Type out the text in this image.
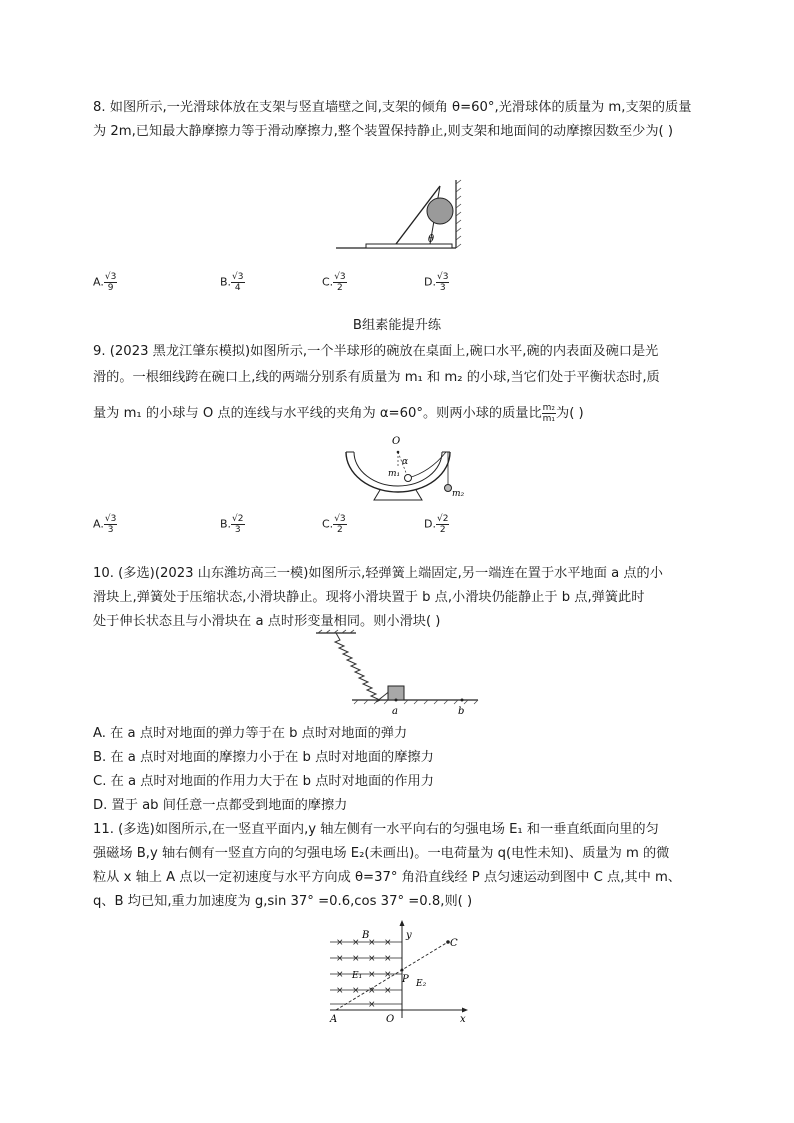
8. 如图所示,一光滑球体放在支架与竖直墙壁之间,支架的倾角 θ=60°,光滑球体的质量为 m,支架的质量为 2m,已知最大静摩擦力等于滑动摩擦力,整个装置保持静止,则支架和地面间的动摩擦因数至少为( )

θ
A. $\frac{√3}{9}$	B. $\frac{√3}{4}$	C. $\frac{√3}{2}$	D. $\frac{√3}{3}$
B组素能提升练
9. (2023 黑龙江肇东模拟)如图所示,一个半球形的碗放在桌面上,碗口水平,碗的内表面及碗口是光
滑的。一根细线跨在碗口上,线的两端分别系有质量为 m₁ 和 m₂ 的小球,当它们处于平衡状态时,质
量为 m₁ 的小球与 O 点的连线与水平线的夹角为 α=60°。则两小球的质量比 $\frac{\text{m₂}}{\text{m₁}}$ 为( )
O
α
m₁
m₂
A. $\frac{√3}{3}$	B. $\frac{√2}{3}$	C. $\frac{√3}{2}$	D. $\frac{√2}{2}$
10. (多选)(2023 山东潍坊高三一模)如图所示,轻弹簧上端固定,另一端连在置于水平地面 a 点的小
滑块上,弹簧处于压缩状态,小滑块静止。现将小滑块置于 b 点,小滑块仍能静止于 b 点,弹簧此时
处于伸长状态且与小滑块在 a 点时形变量相同。则小滑块( )
a	b
A. 在 a 点时对地面的弹力等于在 b 点时对地面的弹力
B. 在 a 点时对地面的摩擦力小于在 b 点时对地面的摩擦力
C. 在 a 点时对地面的作用力大于在 b 点时对地面的作用力
D. 置于 ab 间任意一点都受到地面的摩擦力
11. (多选)如图所示,在一竖直平面内,y 轴左侧有一水平向右的匀强电场 E₁ 和一垂直纸面向里的匀
强磁场 B,y 轴右侧有一竖直方向的匀强电场 E₂(未画出)。一电荷量为 q(电性未知)、质量为 m 的微
粒从 x 轴上 A 点以一定初速度与水平方向成 θ=37° 角沿直线经 P 点匀速运动到图中 C 点,其中 m、
q、B 均已知,重力加速度为 g,sin 37° =0.6,cos 37° =0.8,则( )
× × × ×
× × × ×
×	× ×
× × × ×
×
y
x
B
C
E₁
E₂
P
A	O
